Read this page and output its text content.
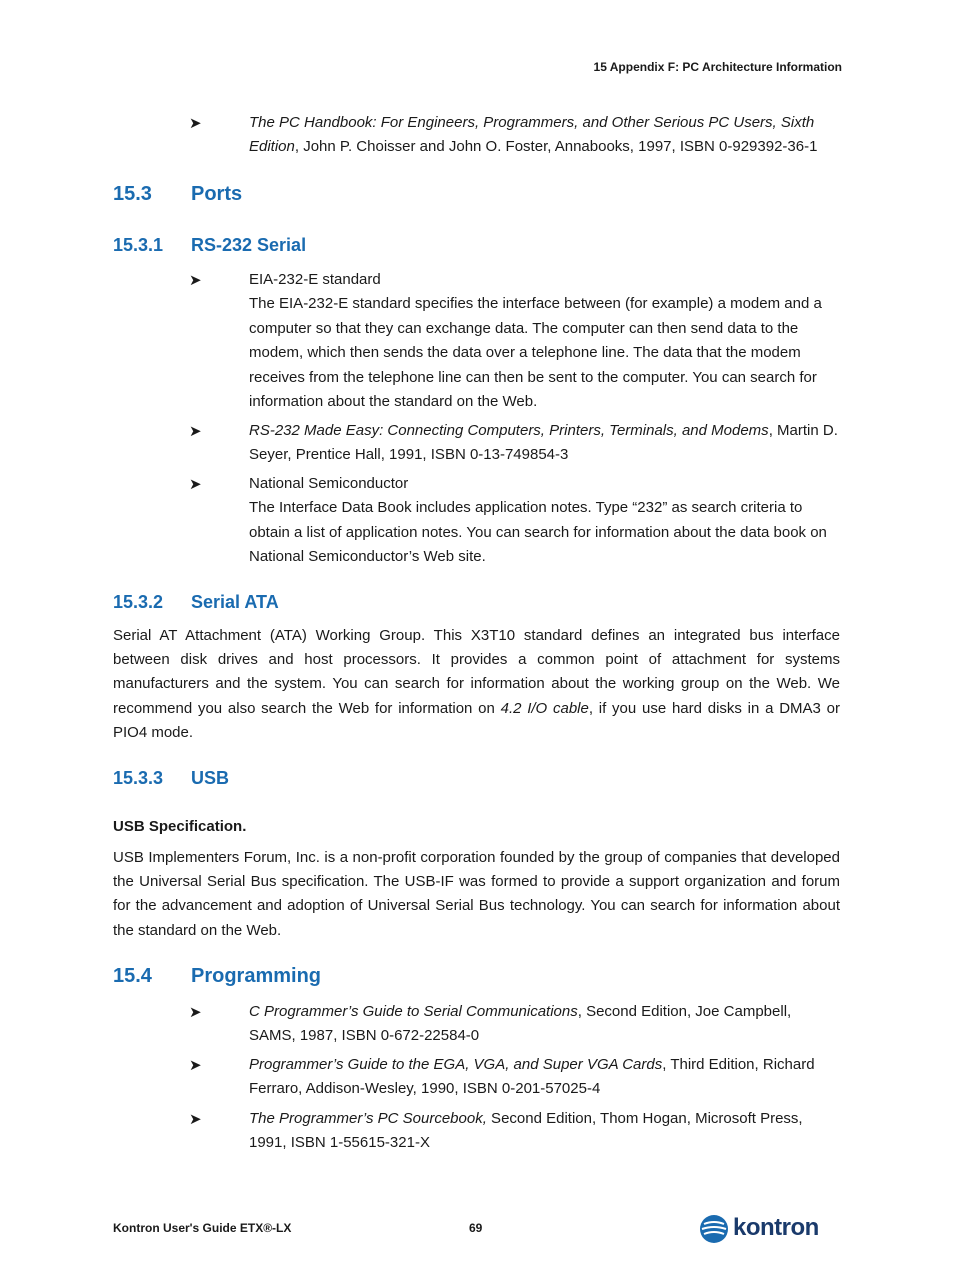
15 Appendix F: PC Architecture Information
➤	The PC Handbook: For Engineers, Programmers, and Other Serious PC Users, Sixth Edition, John P. Choisser and John O. Foster, Annabooks, 1997, ISBN 0-929392-36-1
15.3 Ports
15.3.1 RS-232 Serial
➤	EIA-232-E standard
The EIA-232-E standard specifies the interface between (for example) a modem and a computer so that they can exchange data. The computer can then send data to the modem, which then sends the data over a telephone line. The data that the modem receives from the telephone line can then be sent to the computer. You can search for information about the standard on the Web.
➤	RS-232 Made Easy: Connecting Computers, Printers, Terminals, and Modems, Martin D. Seyer, Prentice Hall, 1991, ISBN 0-13-749854-3
➤	National Semiconductor
The Interface Data Book includes application notes. Type “232” as search criteria to obtain a list of application notes. You can search for information about the data book on National Semiconductor’s Web site.
15.3.2 Serial ATA
Serial AT Attachment (ATA) Working Group. This X3T10 standard defines an integrated bus interface between disk drives and host processors. It provides a common point of attachment for systems manufacturers and the system. You can search for information about the working group on the Web. We recommend you also search the Web for information on 4.2 I/O cable, if you use hard disks in a DMA3 or PIO4 mode.
15.3.3 USB
USB Specification.
USB Implementers Forum, Inc. is a non-profit corporation founded by the group of companies that developed the Universal Serial Bus specification. The USB-IF was formed to provide a support organization and forum for the advancement and adoption of Universal Serial Bus technology. You can search for information about the standard on the Web.
15.4 Programming
➤	C Programmer’s Guide to Serial Communications, Second Edition, Joe Campbell, SAMS, 1987, ISBN 0-672-22584-0
➤	Programmer’s Guide to the EGA, VGA, and Super VGA Cards, Third Edition, Richard Ferraro, Addison-Wesley, 1990, ISBN 0-201-57025-4
➤	The Programmer’s PC Sourcebook, Second Edition, Thom Hogan, Microsoft Press, 1991, ISBN 1-55615-321-X
Kontron User's Guide ETX®-LX	69	kontron
